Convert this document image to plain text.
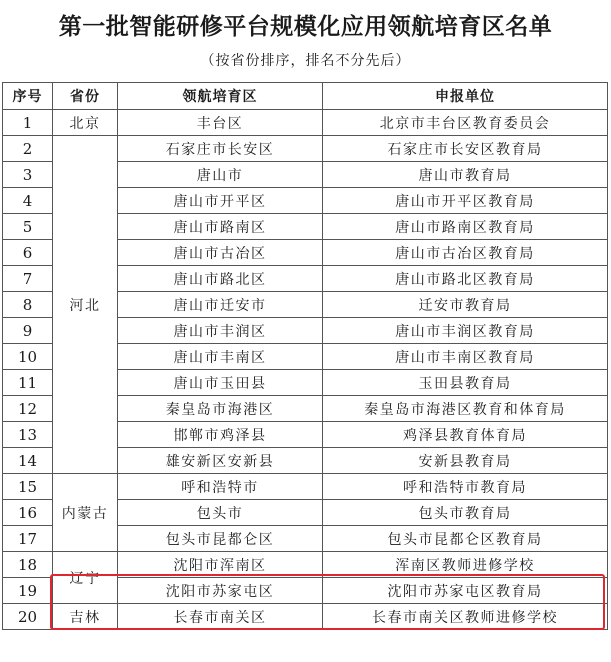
第一批智能研修平台规模化应用领航培育区名单
（按省份排序，排名不分先后）
序号	省份	领航培育区	申报单位
1	北京	丰台区	北京市丰台区教育委员会
2	河北	石家庄市长安区	石家庄市长安区教育局
3		唐山市	唐山市教育局
4		唐山市开平区	唐山市开平区教育局
5		唐山市路南区	唐山市路南区教育局
6		唐山市古冶区	唐山市古冶区教育局
7		唐山市路北区	唐山市路北区教育局
8		唐山市迁安市	迁安市教育局
9		唐山市丰润区	唐山市丰润区教育局
10		唐山市丰南区	唐山市丰南区教育局
11		唐山市玉田县	玉田县教育局
12		秦皇岛市海港区	秦皇岛市海港区教育和体育局
13		邯郸市鸡泽县	鸡泽县教育体育局
14		雄安新区安新县	安新县教育局
15	内蒙古	呼和浩特市	呼和浩特市教育局
16		包头市	包头市教育局
17		包头市昆都仑区	包头市昆都仑区教育局
18	辽宁	沈阳市浑南区	浑南区教师进修学校
19		沈阳市苏家屯区	沈阳市苏家屯区教育局
20	吉林	长春市南关区	长春市南关区教师进修学校
